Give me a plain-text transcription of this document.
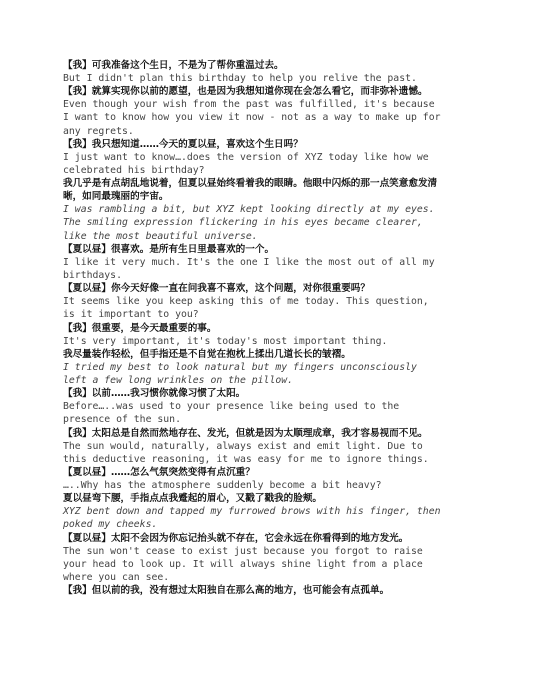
【我】可我准备这个生日，不是为了帮你重温过去。
But I didn't plan this birthday to help you relive the past.
【我】就算实现你以前的愿望，也是因为我想知道你现在会怎么看它，而非弥补遗憾。
Even though your wish from the past was fulfilled, it's because
I want to know how you view it now - not as a way to make up for
any regrets.
【我】我只想知道……今天的夏以昼，喜欢这个生日吗？
I just want to know….does the version of XYZ today like how we
celebrated his birthday?
我几乎是有点胡乱地说着，但夏以昼始终看着我的眼睛。他眼中闪烁的那一点笑意愈发清
晰，如同最瑰丽的宇宙。
I was rambling a bit, but XYZ kept looking directly at my eyes.
The smiling expression flickering in his eyes became clearer,
like the most beautiful universe.
【夏以昼】很喜欢。是所有生日里最喜欢的一个。
I like it very much. It's the one I like the most out of all my
birthdays.
【夏以昼】你今天好像一直在问我喜不喜欢，这个问题，对你很重要吗？
It seems like you keep asking this of me today. This question,
is it important to you?
【我】很重要，是今天最重要的事。
It's very important, it's today's most important thing.
我尽量装作轻松，但手指还是不自觉在抱枕上揉出几道长长的皱褶。
I tried my best to look natural but my fingers unconsciously
left a few long wrinkles on the pillow.
【我】以前……我习惯你就像习惯了太阳。
Before…..was used to your presence like being used to the
presence of the sun.
【我】太阳总是自然而然地存在、发光，但就是因为太顺理成章，我才容易视而不见。
The sun would, naturally, always exist and emit light. Due to
this deductive reasoning, it was easy for me to ignore things.
【夏以昼】……怎么气氛突然变得有点沉重？
…..Why has the atmosphere suddenly become a bit heavy?
夏以昼弯下腰，手指点点我蹙起的眉心，又戳了戳我的脸颊。
XYZ bent down and tapped my furrowed brows with his finger, then
poked my cheeks.
【夏以昼】太阳不会因为你忘记抬头就不存在，它会永远在你看得到的地方发光。
The sun won't cease to exist just because you forgot to raise
your head to look up. It will always shine light from a place
where you can see.
【我】但以前的我，没有想过太阳独自在那么高的地方，也可能会有点孤单。
